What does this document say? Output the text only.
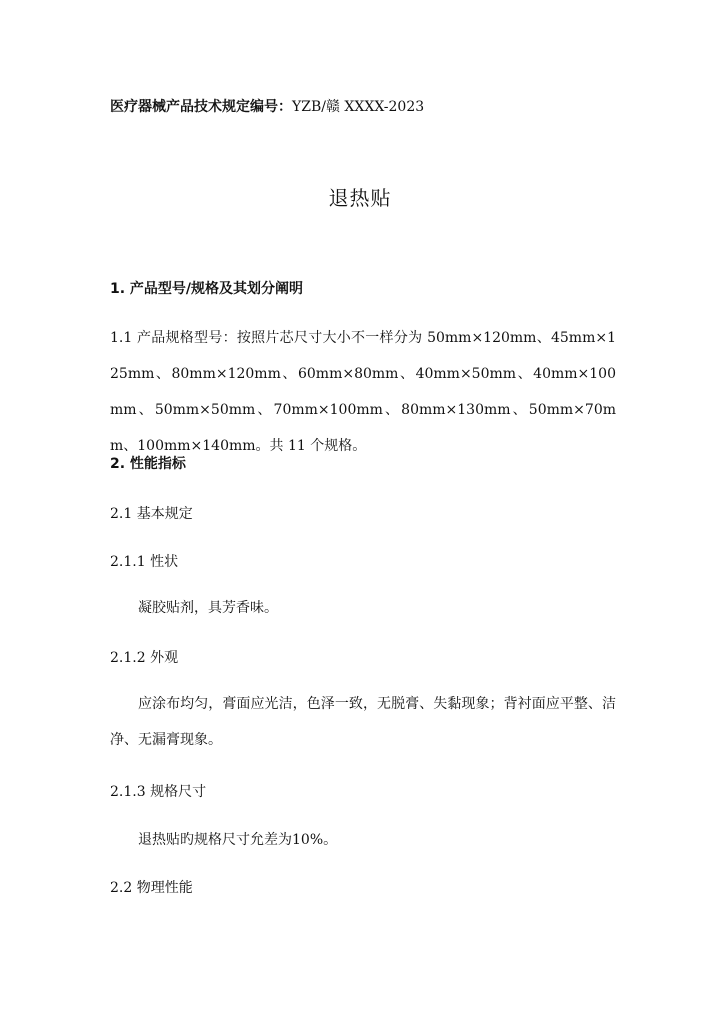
医疗器械产品技术规定编号：YZB/赣 XXXX-2023
退热贴
1. 产品型号/规格及其划分阐明
1.1 产品规格型号：按照片芯尺寸大小不一样分为 50mm×120mm、45mm×125mm、80mm×120mm、60mm×80mm、40mm×50mm、40mm×100mm、50mm×50mm、70mm×100mm、80mm×130mm、50mm×70mm、100mm×140mm。共 11 个规格。
2. 性能指标
2.1 基本规定
2.1.1 性状
凝胶贴剂，具芳香味。
2.1.2 外观
应涂布均匀，膏面应光洁，色泽一致，无脱膏、失黏现象；背衬面应平整、洁净、无漏膏现象。
2.1.3 规格尺寸
退热贴旳规格尺寸允差为10%。
2.2 物理性能
